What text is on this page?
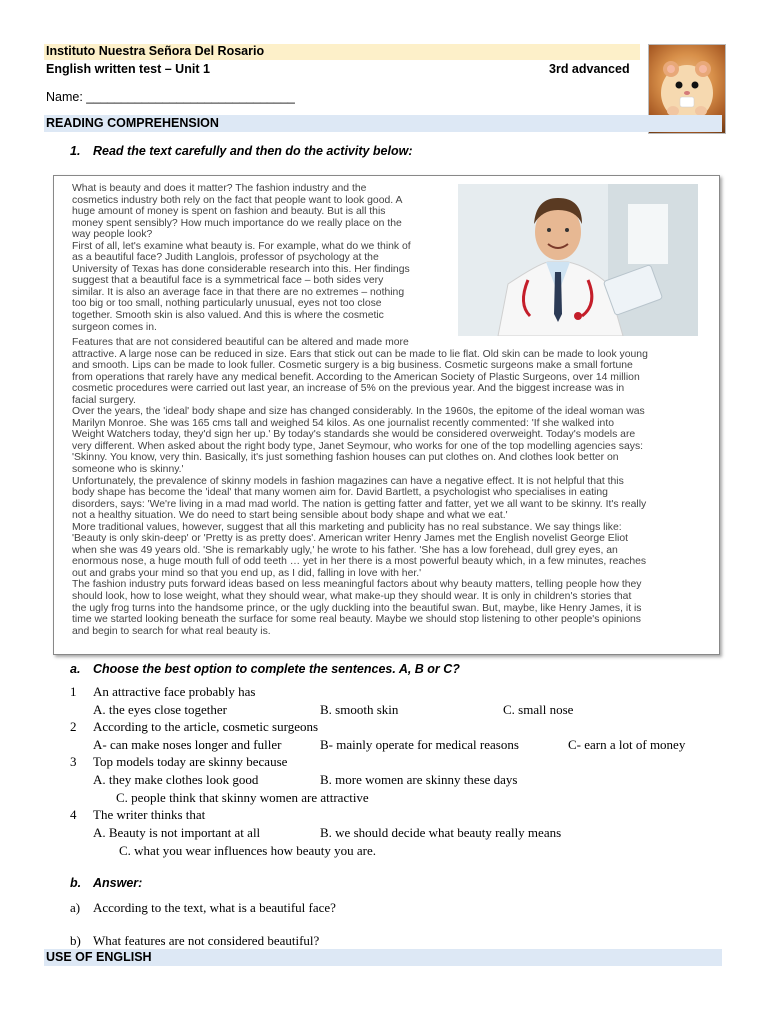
Instituto Nuestra Señora Del Rosario
English written test – Unit 1	3rd advanced
Name: ______________________________
READING COMPREHENSION
1. Read the text carefully and then do the activity below:
What is beauty and does it matter? The fashion industry and the
cosmetics industry both rely on the fact that people want to look good. A
huge amount of money is spent on fashion and beauty. But is all this
money spent sensibly? How much importance do we really place on the
way people look?
First of all, let's examine what beauty is. For example, what do we think of
as a beautiful face? Judith Langlois, professor of psychology at the
University of Texas has done considerable research into this. Her findings
suggest that a beautiful face is a symmetrical face – both sides very
similar. It is also an average face in that there are no extremes – nothing
too big or too small, nothing particularly unusual, eyes not too close
together. Smooth skin is also valued. And this is where the cosmetic
surgeon comes in.
Features that are not considered beautiful can be altered and made more
attractive. A large nose can be reduced in size. Ears that stick out can be made to lie flat. Old skin can be made to look young
and smooth. Lips can be made to look fuller. Cosmetic surgery is a big business. Cosmetic surgeons make a small fortune
from operations that rarely have any medical benefit. According to the American Society of Plastic Surgeons, over 14 million
cosmetic procedures were carried out last year, an increase of 5% on the previous year. And the biggest increase was in
facial surgery.
Over the years, the 'ideal' body shape and size has changed considerably. In the 1960s, the epitome of the ideal woman was
Marilyn Monroe. She was 165 cms tall and weighed 54 kilos. As one journalist recently commented: 'If she walked into
Weight Watchers today, they'd sign her up.' By today's standards she would be considered overweight. Today's models are
very different. When asked about the right body type, Janet Seymour, who works for one of the top modelling agencies says:
'Skinny. You know, very thin. Basically, it's just something fashion houses can put clothes on. And clothes look better on
someone who is skinny.'
Unfortunately, the prevalence of skinny models in fashion magazines can have a negative effect. It is not helpful that this
body shape has become the 'ideal' that many women aim for. David Bartlett, a psychologist who specialises in eating
disorders, says: 'We're living in a mad mad world. The nation is getting fatter and fatter, yet we all want to be skinny. It's really
not a healthy situation. We do need to start being sensible about body shape and what we eat.'
More traditional values, however, suggest that all this marketing and publicity has no real substance. We say things like:
'Beauty is only skin-deep' or 'Pretty is as pretty does'. American writer Henry James met the English novelist George Eliot
when she was 49 years old. 'She is remarkably ugly,' he wrote to his father. 'She has a low forehead, dull grey eyes, an
enormous nose, a huge mouth full of odd teeth … yet in her there is a most powerful beauty which, in a few minutes, reaches
out and grabs your mind so that you end up, as I did, falling in love with her.'
The fashion industry puts forward ideas based on less meaningful factors about why beauty matters, telling people how they
should look, how to lose weight, what they should wear, what make-up they should wear. It is only in children's stories that
the ugly frog turns into the handsome prince, or the ugly duckling into the beautiful swan. But, maybe, like Henry James, it is
time we started looking beneath the surface for some real beauty. Maybe we should stop listening to other people's opinions
and begin to search for what real beauty is.
a. Choose the best option to complete the sentences. A, B or C?
1 An attractive face probably has
A. the eyes close together	B. smooth skin	C. small nose
2 According to the article, cosmetic surgeons
A- can make noses longer and fuller	B- mainly operate for medical reasons	C- earn a lot of money
3 Top models today are skinny because
A. they make clothes look good	B. more women are skinny these days
C. people think that skinny women are attractive
4 The writer thinks that
A. Beauty is not important at all	B. we should decide what beauty really means
C. what you wear influences how beauty you are.
b. Answer:
a) According to the text, what is a beautiful face?
b) What features are not considered beautiful?
USE OF ENGLISH
